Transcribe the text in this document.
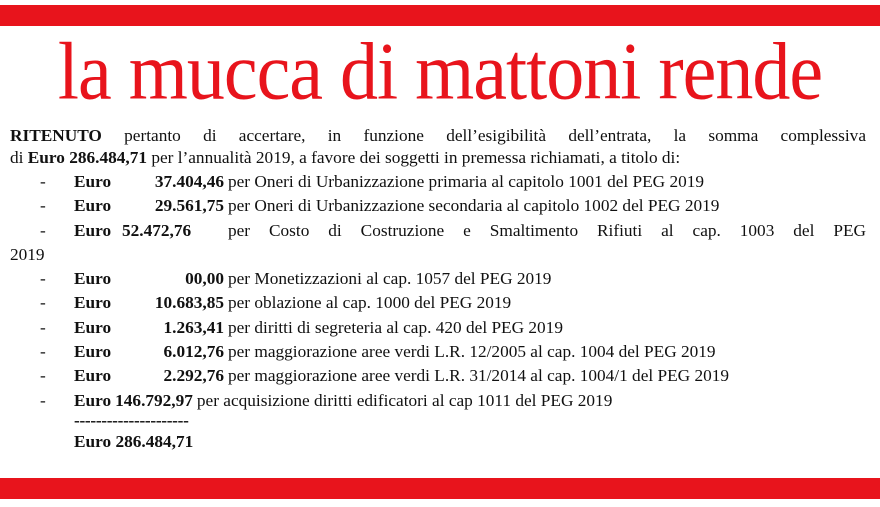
la mucca di mattoni rende

RITENUTO pertanto di accertare, in funzione dell’esigibilità dell’entrata, la somma complessiva
di Euro 286.484,71 per l’annualità 2019, a favore dei soggetti in premessa richiamati, a titolo di:

- Euro	37.404,46 per Oneri di Urbanizzazione primaria al capitolo 1001 del PEG 2019
- Euro	29.561,75 per Oneri di Urbanizzazione secondaria al capitolo 1002 del PEG 2019
- Euro 52.472,76 per Costo di Costruzione e Smaltimento Rifiuti al cap. 1003 del PEG
2019
- Euro	00,00 per Monetizzazioni al cap. 1057 del PEG 2019
- Euro	10.683,85 per oblazione al cap. 1000 del PEG 2019
- Euro	1.263,41 per diritti di segreteria al cap. 420 del PEG 2019
- Euro	6.012,76 per maggiorazione aree verdi L.R. 12/2005 al cap. 1004 del PEG 2019
- Euro	2.292,76 per maggiorazione aree verdi L.R. 31/2014 al cap. 1004/1 del PEG 2019
- Euro 146.792,97 per acquisizione diritti edificatori al cap 1011 del PEG 2019
---------------------
Euro 286.484,71
